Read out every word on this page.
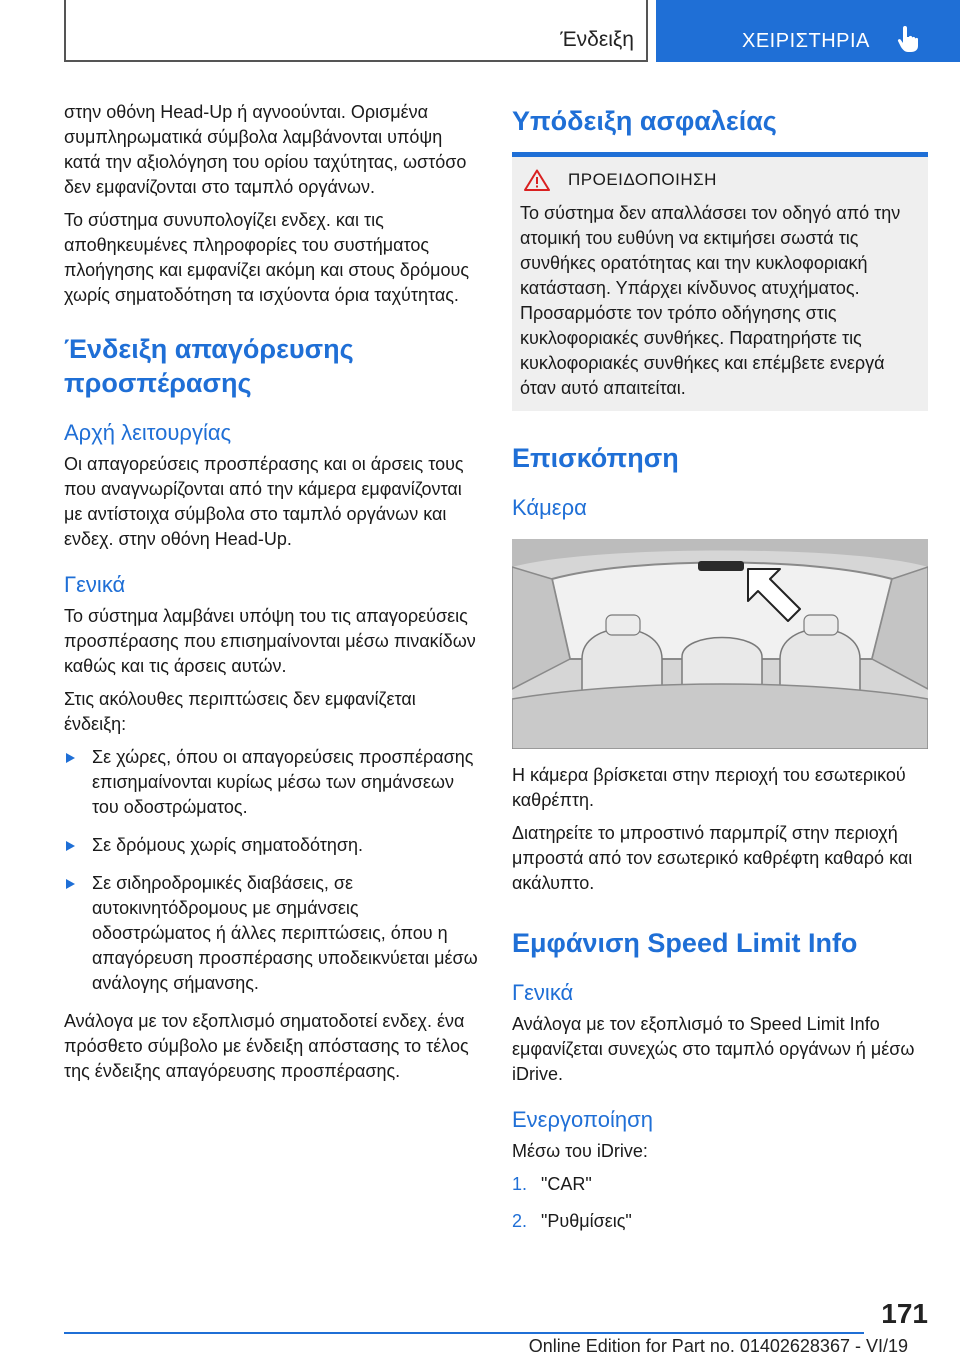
Ένδειξη	ΧΕΙΡΙΣΤΗΡΙΑ

στην οθόνη Head-Up ή αγνοούνται. Ορισμένα συμπληρωματικά σύμβολα λαμβάνονται υπόψη κατά την αξιολόγηση του ορίου ταχύτητας, ωστόσο δεν εμφανίζονται στο ταμπλό οργάνων.

Το σύστημα συνυπολογίζει ενδεχ. και τις αποθηκευμένες πληροφορίες του συστήματος πλοήγησης και εμφανίζει ακόμη και στους δρόμους χωρίς σηματοδότηση τα ισχύοντα όρια ταχύτητας.

Ένδειξη απαγόρευσης προσπέρασης
Αρχή λειτουργίας

Οι απαγορεύσεις προσπέρασης και οι άρσεις τους που αναγνωρίζονται από την κάμερα εμφανίζονται με αντίστοιχα σύμβολα στο ταμπλό οργάνων και ενδεχ. στην οθόνη Head-Up.

Γενικά

Το σύστημα λαμβάνει υπόψη του τις απαγορεύσεις προσπέρασης που επισημαίνονται μέσω πινακίδων καθώς και τις άρσεις αυτών.

Στις ακόλουθες περιπτώσεις δεν εμφανίζεται ένδειξη:

Σε χώρες, όπου οι απαγορεύσεις προσπέρασης επισημαίνονται κυρίως μέσω των σημάνσεων του οδοστρώματος.
Σε δρόμους χωρίς σηματοδότηση.
Σε σιδηροδρομικές διαβάσεις, σε αυτοκινητόδρομους με σημάνσεις οδοστρώματος ή άλλες περιπτώσεις, όπου η απαγόρευση προσπέρασης υποδεικνύεται μέσω ανάλογης σήμανσης.

Ανάλογα με τον εξοπλισμό σηματοδοτεί ενδεχ. ένα πρόσθετο σύμβολο με ένδειξη απόστασης το τέλος της ένδειξης απαγόρευσης προσπέρασης.

Υπόδειξη ασφαλείας
ΠΡΟΕΙΔΟΠΟΙΗΣΗ

Το σύστημα δεν απαλλάσσει τον οδηγό από την ατομική του ευθύνη να εκτιμήσει σωστά τις συνθήκες ορατότητας και την κυκλοφοριακή κατάσταση. Υπάρχει κίνδυνος ατυχήματος. Προσαρμόστε τον τρόπο οδήγησης στις κυκλοφοριακές συνθήκες. Παρατηρήστε τις κυκλοφοριακές συνθήκες και επέμβετε ενεργά όταν αυτό απαιτείται.

Επισκόπηση
Κάμερα

Η κάμερα βρίσκεται στην περιοχή του εσωτερικού καθρέπτη.

Διατηρείτε το μπροστινό παρμπρίζ στην περιοχή μπροστά από τον εσωτερικό καθρέφτη καθαρό και ακάλυπτο.

Εμφάνιση Speed Limit Info
Γενικά

Ανάλογα με τον εξοπλισμό το Speed Limit Info εμφανίζεται συνεχώς στο ταμπλό οργάνων ή μέσω iDrive.

Ενεργοποίηση

Μέσω του iDrive:

1. "CAR"
2. "Ρυθμίσεις"
171
Online Edition for Part no. 01402628367 - VI/19
